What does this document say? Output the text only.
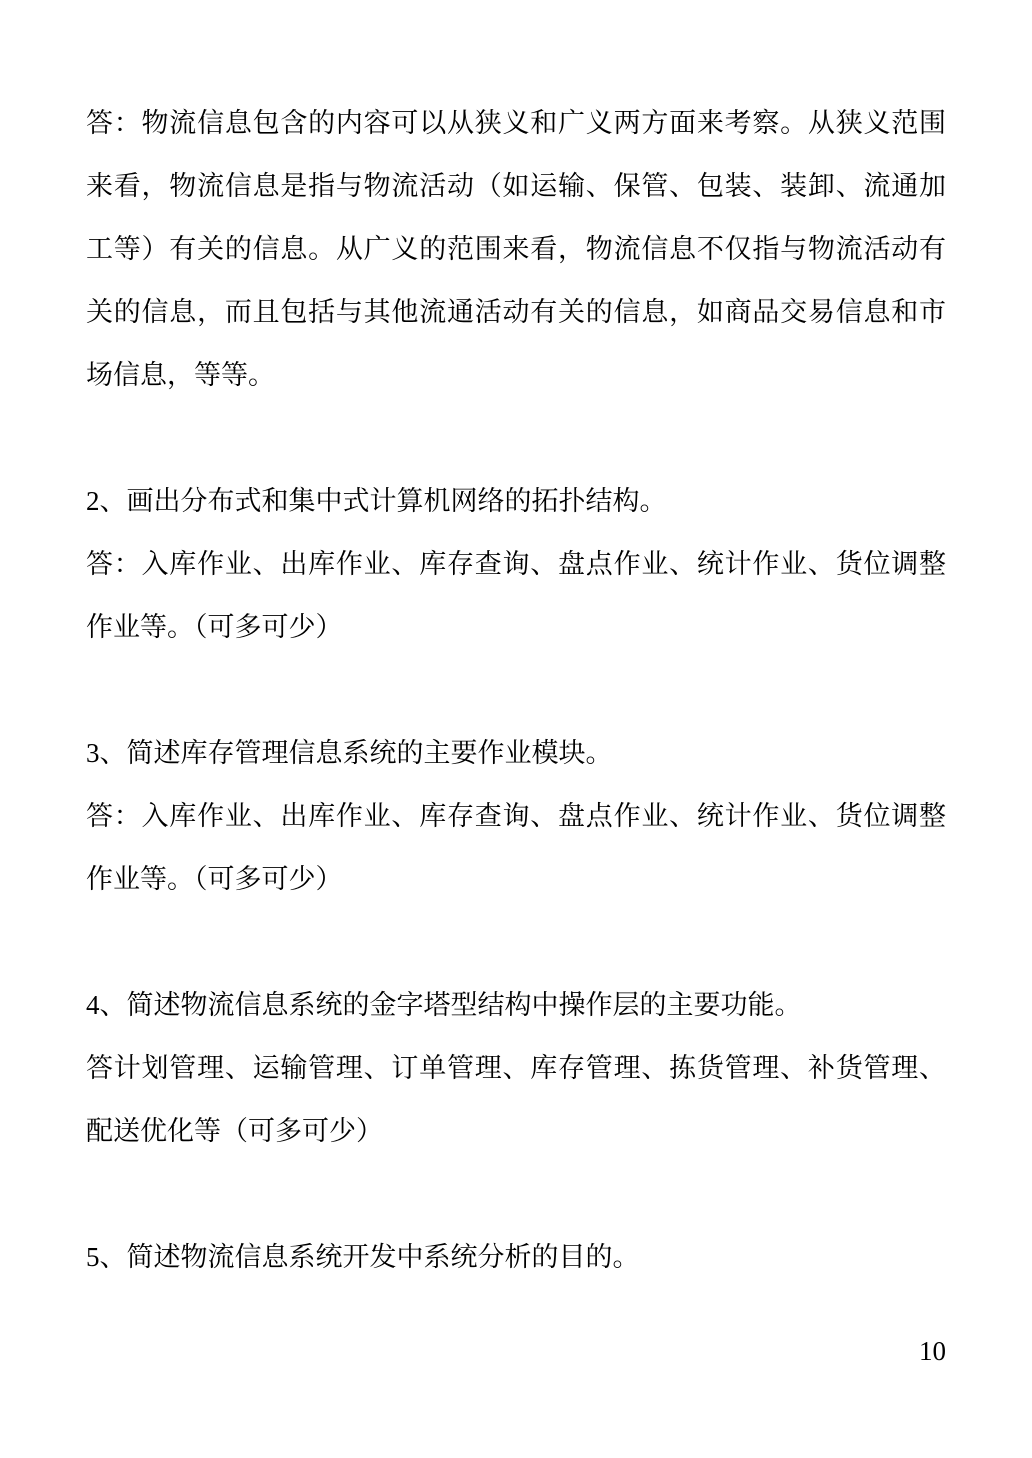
答：物流信息包含的内容可以从狭义和广义两方面来考察。从狭义范围
来看，物流信息是指与物流活动（如运输、保管、包装、装卸、流通加
工等）有关的信息。从广义的范围来看，物流信息不仅指与物流活动有
关的信息，而且包括与其他流通活动有关的信息，如商品交易信息和市
场信息，等等。
2、画出分布式和集中式计算机网络的拓扑结构。
答：入库作业、出库作业、库存查询、盘点作业、统计作业、货位调整
作业等。（可多可少）
3、简述库存管理信息系统的主要作业模块。
答：入库作业、出库作业、库存查询、盘点作业、统计作业、货位调整
作业等。（可多可少）
4、简述物流信息系统的金字塔型结构中操作层的主要功能。
答计划管理、运输管理、订单管理、库存管理、拣货管理、补货管理、
配送优化等（可多可少）
5、简述物流信息系统开发中系统分析的目的。
10
